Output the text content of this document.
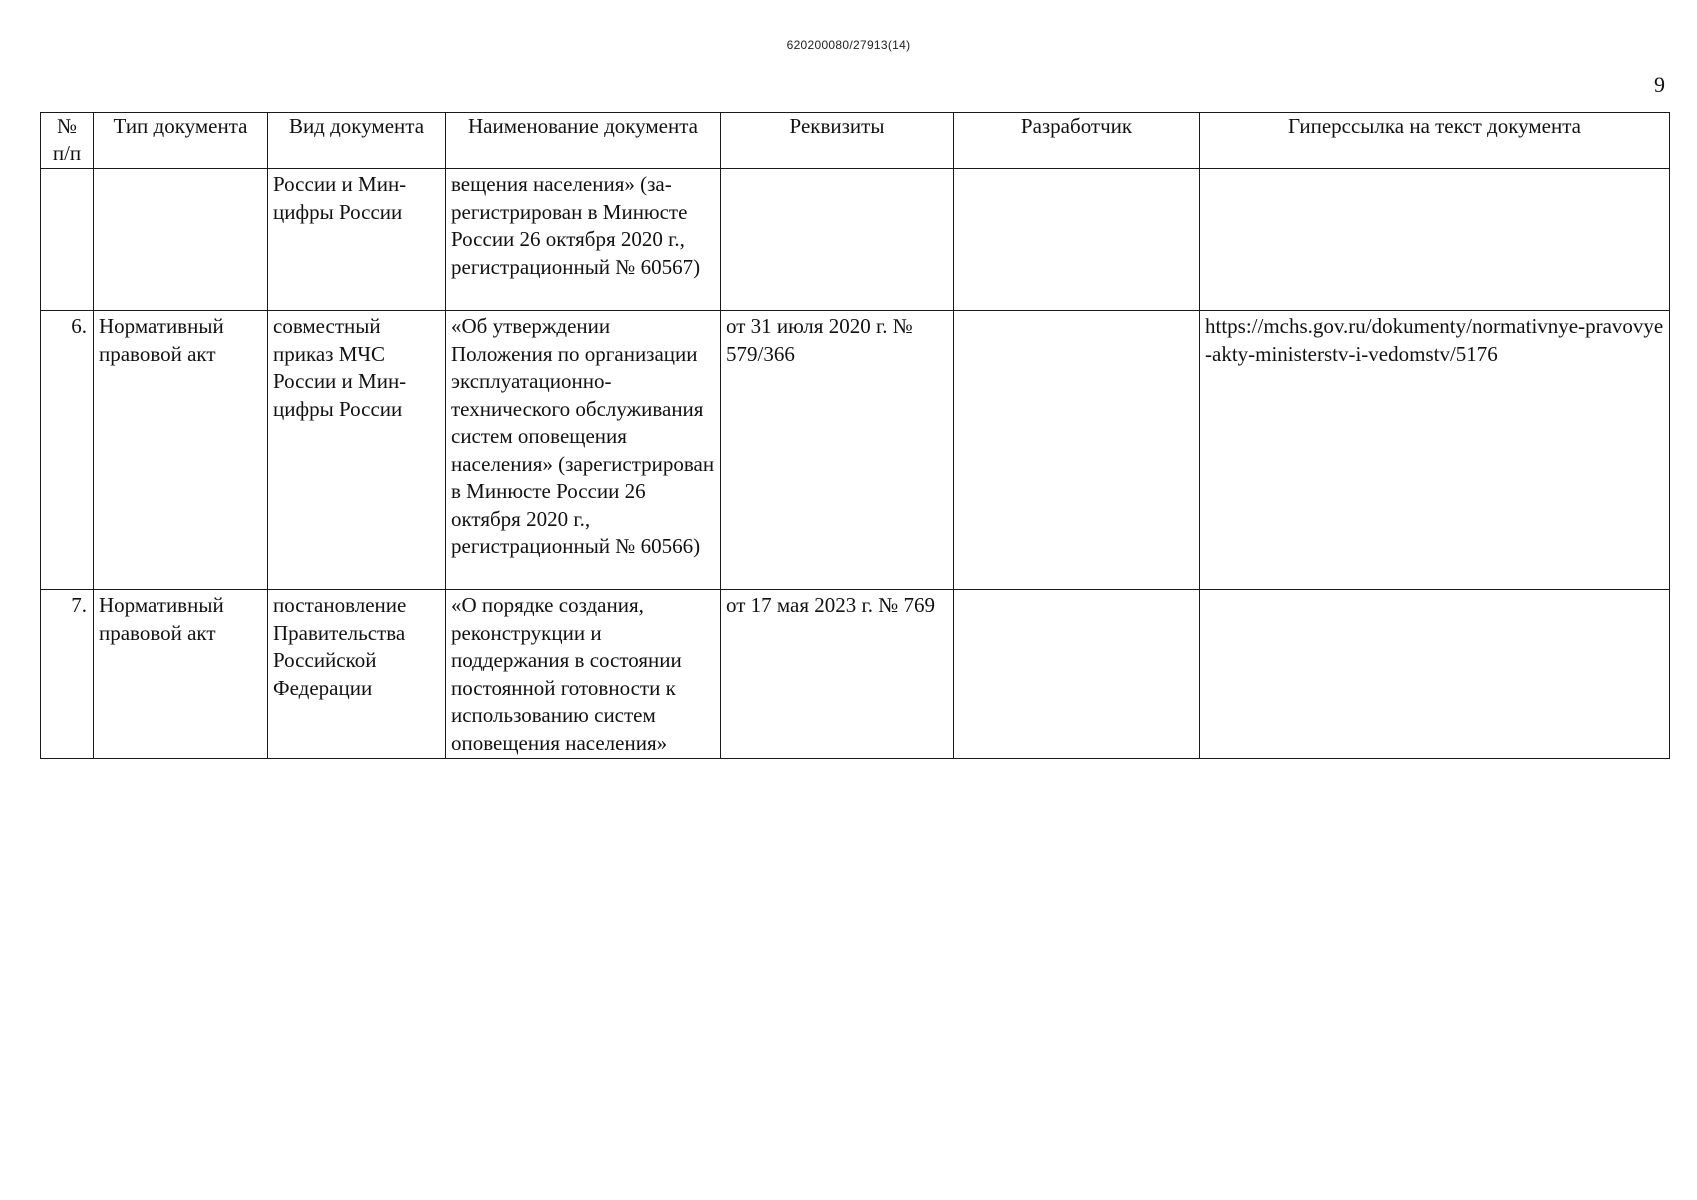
620200080/27913(14)
9
№ п/п	Тип документа	Вид документа	Наименование документа	Реквизиты	Разработчик	Гиперссылка на текст документа
		России и Мин-цифры России	вещения населения» (за-регистрирован в Минюсте России 26 октября 2020 г., регистрационный № 60567)			
6.	Нормативный правовой акт	совместный приказ МЧС России и Мин-цифры России	«Об утверждении Положения по организации эксплуатационно-технического обслуживания систем оповещения населения» (зарегистрирован в Минюсте России 26 октября 2020 г., регистрационный № 60566)	от 31 июля 2020 г. № 579/366		https://mchs.gov.ru/dokumenty/normativnye-pravovye-akty-ministerstv-i-vedomstv/5176
7.	Нормативный правовой акт	постановление Правительства Российской Федерации	«О порядке создания, реконструкции и поддержания в состоянии постоянной готовности к использованию систем оповещения населения»	от 17 мая 2023 г. № 769		
